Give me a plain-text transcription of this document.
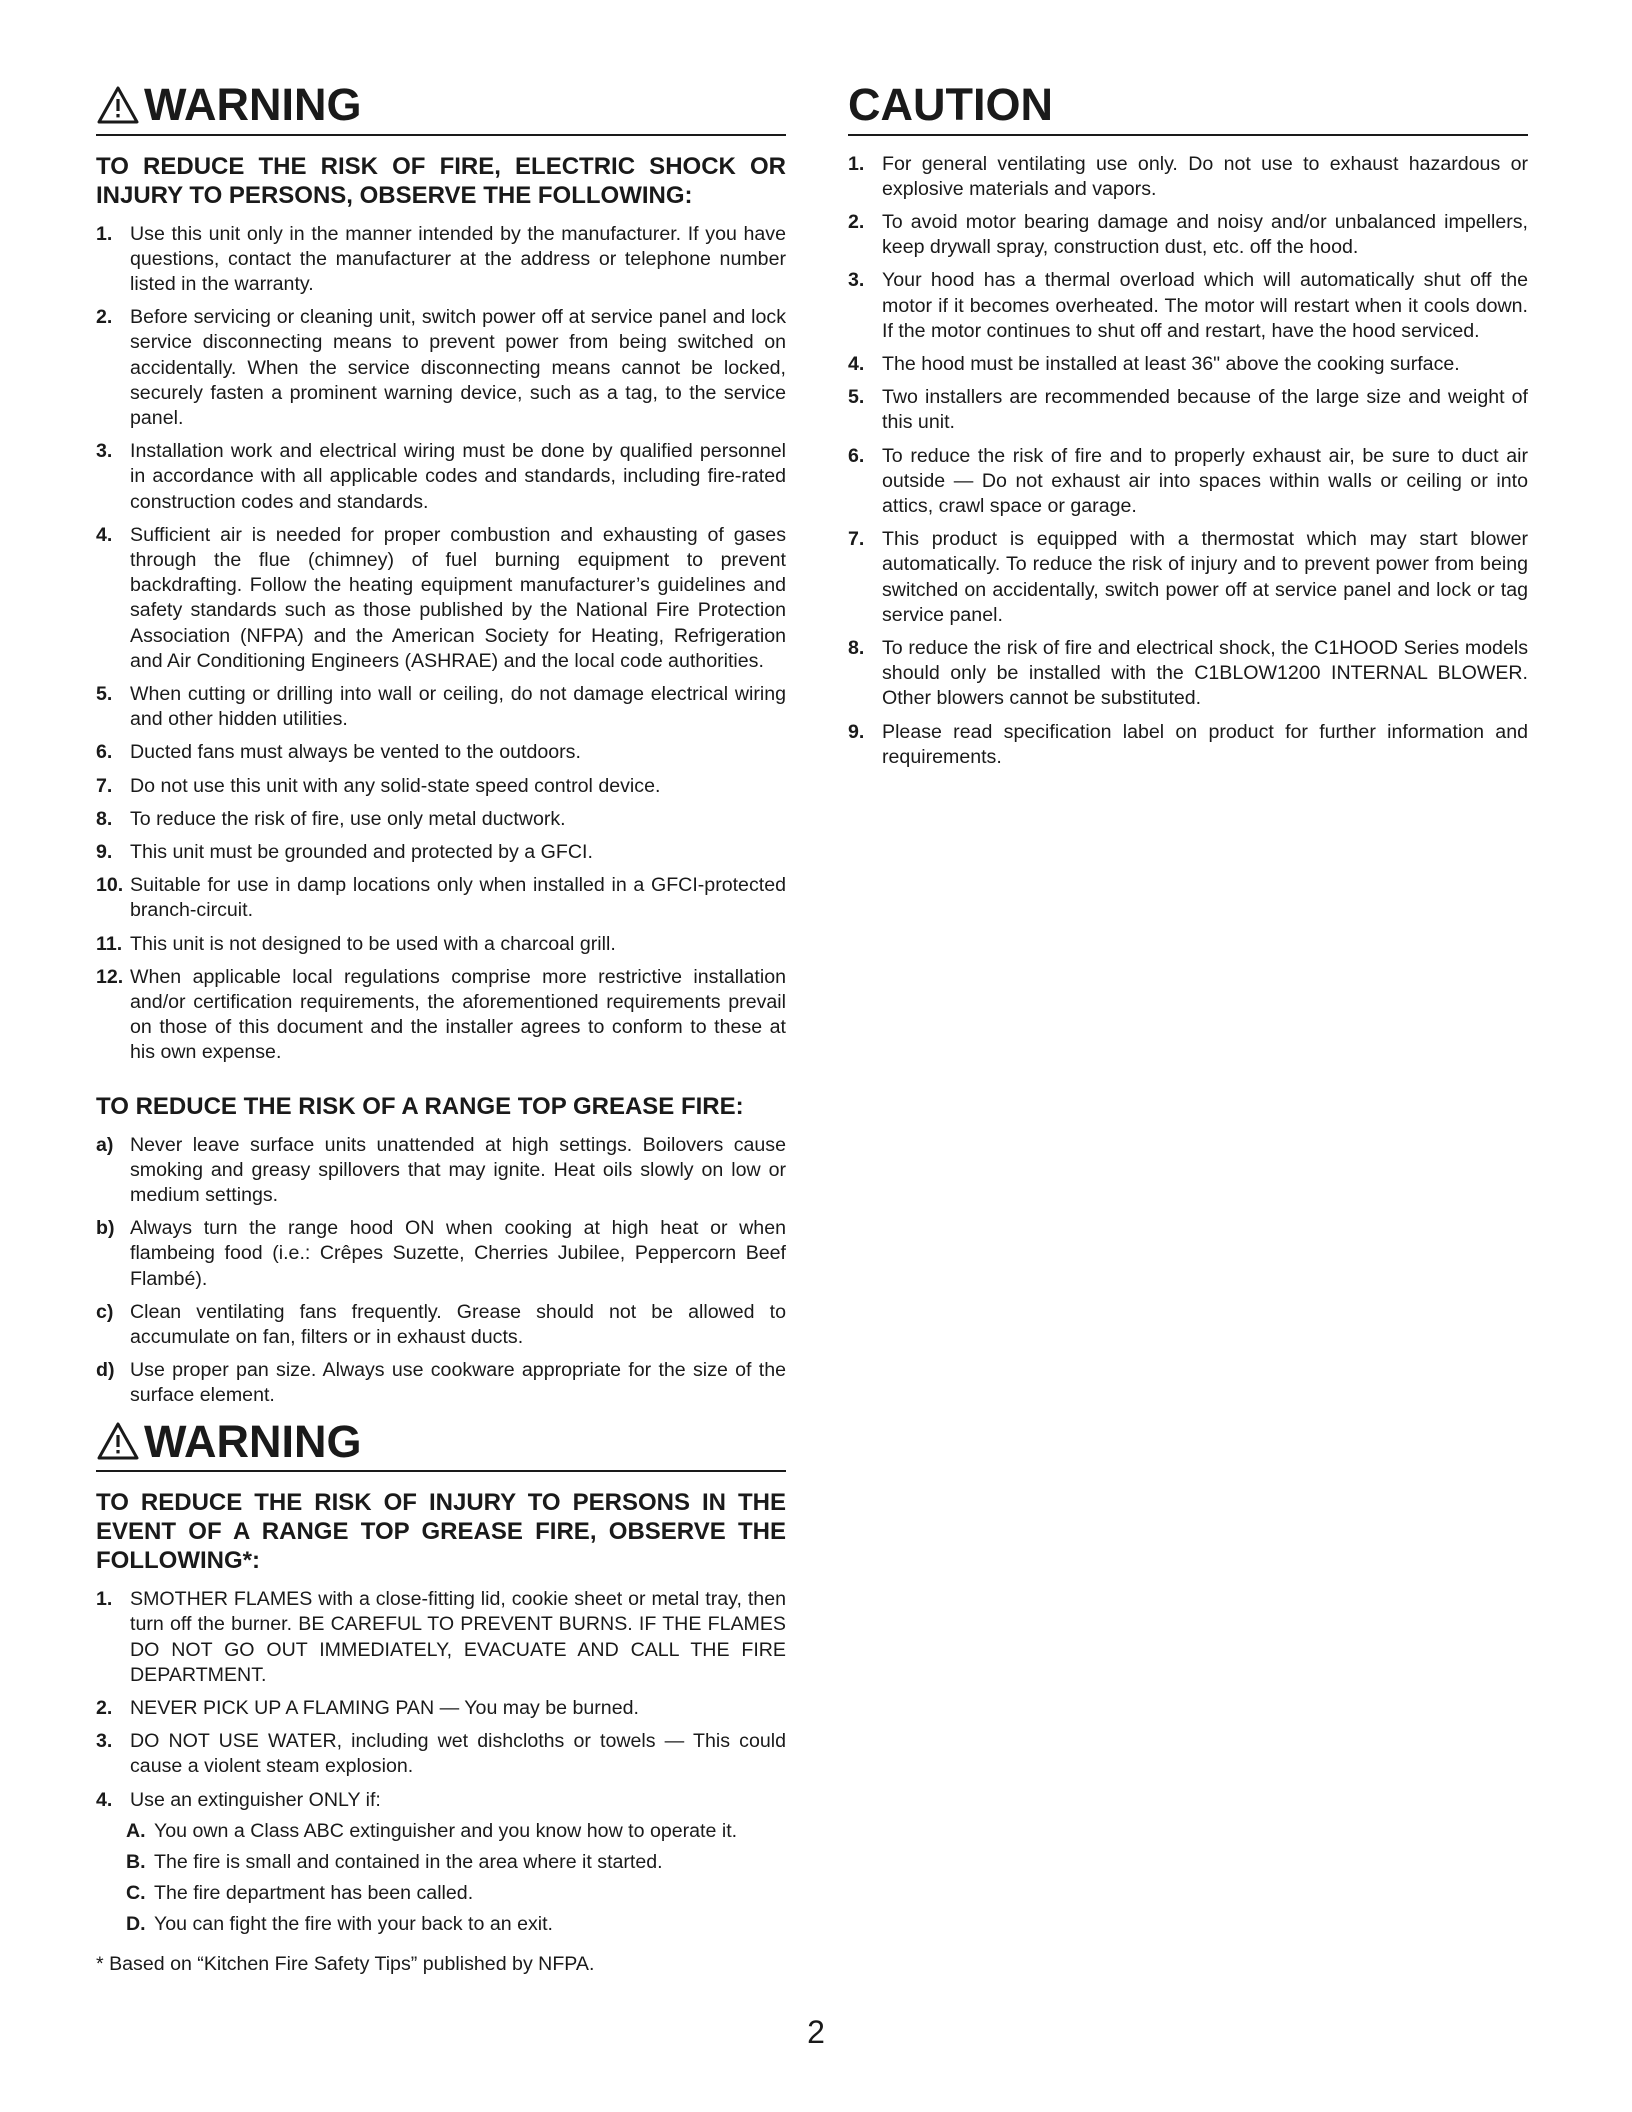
WARNING
TO REDUCE THE RISK OF FIRE, ELECTRIC SHOCK OR INJURY TO PERSONS, OBSERVE THE FOLLOWING:
1. Use this unit only in the manner intended by the manufacturer. If you have questions, contact the manufacturer at the address or telephone number listed in the warranty.
2. Before servicing or cleaning unit, switch power off at service panel and lock service disconnecting means to prevent power from being switched on accidentally. When the service disconnecting means cannot be locked, securely fasten a prominent warning device, such as a tag, to the service panel.
3. Installation work and electrical wiring must be done by qualified personnel in accordance with all applicable codes and standards, including fire-rated construction codes and standards.
4. Sufficient air is needed for proper combustion and exhausting of gases through the flue (chimney) of fuel burning equipment to prevent backdrafting. Follow the heating equipment manufacturer’s guidelines and safety standards such as those published by the National Fire Protection Association (NFPA) and the American Society for Heating, Refrigeration and Air Conditioning Engineers (ASHRAE) and the local code authorities.
5. When cutting or drilling into wall or ceiling, do not damage electrical wiring and other hidden utilities.
6. Ducted fans must always be vented to the outdoors.
7. Do not use this unit with any solid-state speed control device.
8. To reduce the risk of fire, use only metal ductwork.
9. This unit must be grounded and protected by a GFCI.
10. Suitable for use in damp locations only when installed in a GFCI-protected branch-circuit.
11. This unit is not designed to be used with a charcoal grill.
12. When applicable local regulations comprise more restrictive installation and/or certification requirements, the aforementioned requirements prevail on those of this document and the installer agrees to conform to these at his own expense.
TO REDUCE THE RISK OF A RANGE TOP GREASE FIRE:
a) Never leave surface units unattended at high settings. Boilovers cause smoking and greasy spillovers that may ignite. Heat oils slowly on low or medium settings.
b) Always turn the range hood ON when cooking at high heat or when flambeing food (i.e.: Crêpes Suzette, Cherries Jubilee, Peppercorn Beef Flambé).
c) Clean ventilating fans frequently. Grease should not be allowed to accumulate on fan, filters or in exhaust ducts.
d) Use proper pan size. Always use cookware appropriate for the size of the surface element.
WARNING
TO REDUCE THE RISK OF INJURY TO PERSONS IN THE EVENT OF A RANGE TOP GREASE FIRE, OBSERVE THE FOLLOWING*:
1. SMOTHER FLAMES with a close-fitting lid, cookie sheet or metal tray, then turn off the burner. BE CAREFUL TO PREVENT BURNS. IF THE FLAMES DO NOT GO OUT IMMEDIATELY, EVACUATE AND CALL THE FIRE DEPARTMENT.
2. NEVER PICK UP A FLAMING PAN — You may be burned.
3. DO NOT USE WATER, including wet dishcloths or towels — This could cause a violent steam explosion.
4. Use an extinguisher ONLY if:
A. You own a Class ABC extinguisher and you know how to operate it.
B. The fire is small and contained in the area where it started.
C. The fire department has been called.
D. You can fight the fire with your back to an exit.
* Based on “Kitchen Fire Safety Tips” published by NFPA.
CAUTION
1. For general ventilating use only. Do not use to exhaust hazardous or explosive materials and vapors.
2. To avoid motor bearing damage and noisy and/or unbalanced impellers, keep drywall spray, construction dust, etc. off the hood.
3. Your hood has a thermal overload which will automatically shut off the motor if it becomes overheated. The motor will restart when it cools down. If the motor continues to shut off and restart, have the hood serviced.
4. The hood must be installed at least 36" above the cooking surface.
5. Two installers are recommended because of the large size and weight of this unit.
6. To reduce the risk of fire and to properly exhaust air, be sure to duct air outside — Do not exhaust air into spaces within walls or ceiling or into attics, crawl space or garage.
7. This product is equipped with a thermostat which may start blower automatically. To reduce the risk of injury and to prevent power from being switched on accidentally, switch power off at service panel and lock or tag service panel.
8. To reduce the risk of fire and electrical shock, the C1HOOD Series models should only be installed with the C1BLOW1200 INTERNAL BLOWER. Other blowers cannot be substituted.
9. Please read specification label on product for further information and requirements.
2
